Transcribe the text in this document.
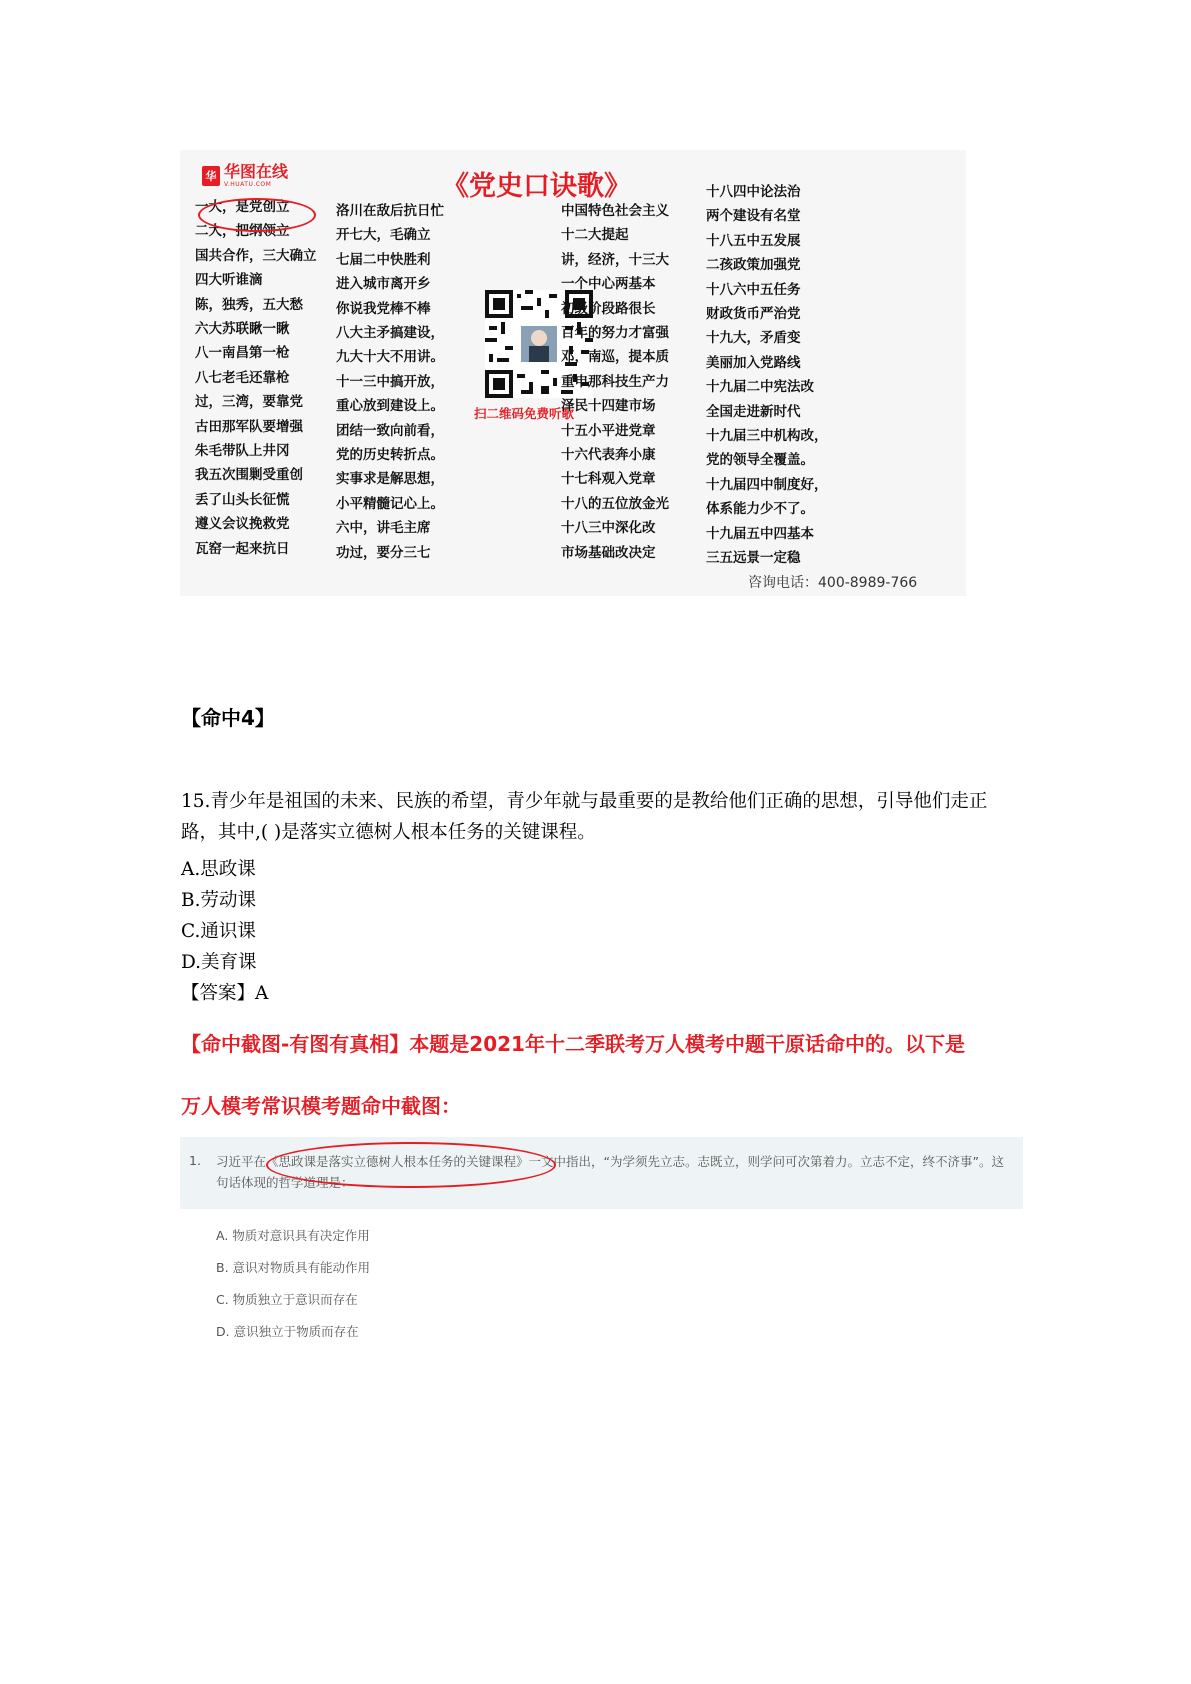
华 华图在线
V.HUATU.COM	《党史口诀歌》
一大，是党创立
二大，把纲领立
国共合作，三大确立
四大听谁滴
陈，独秀，五大愁
六大苏联瞅一瞅
八一南昌第一枪
八七老毛还靠枪
过，三湾，要靠党
古田那军队要增强
朱毛带队上井冈
我五次围剿受重创
丢了山头长征慌
遵义会议挽救党
瓦窑一起来抗日
洛川在敌后抗日忙
开七大，毛确立
七届二中快胜利
进入城市离开乡
你说我党棒不棒
八大主矛搞建设，
九大十大不用讲。
十一三中搞开放，
重心放到建设上。
团结一致向前看，
党的历史转折点。
实事求是解思想，
小平精髓记心上。
六中，讲毛主席
功过，要分三七
扫二维码免费听歌
中国特色社会主义
十二大提起
讲，经济，十三大
一个中心两基本
初级阶段路很长
百年的努力才富强
邓，南巡，提本质
重申那科技生产力
泽民十四建市场
十五小平进党章
十六代表奔小康
十七科观入党章
十八的五位放金光
十八三中深化改
市场基础改决定
十八四中论法治
两个建设有名堂
十八五中五发展
二孩政策加强党
十八六中五任务
财政货币严治党
十九大，矛盾变
美丽加入党路线
十九届二中宪法改
全国走进新时代
十九届三中机构改，
党的领导全覆盖。
十九届四中制度好，
体系能力少不了。
十九届五中四基本
三五远景一定稳
咨询电话：400-8989-766
【命中4】
15.青少年是祖国的未来、民族的希望，青少年就与最重要的是教给他们正确的思想，引导他们走正路，其中,( )是落实立德树人根本任务的关键课程。
A.思政课
B.劳动课
C.通识课
D.美育课
【答案】A
【命中截图-有图有真相】本题是2021年十二季联考万人模考中题干原话命中的。以下是
万人模考常识模考题命中截图：
1. 习近平在《思政课是落实立德树人根本任务的关键课程》一文中指出，“为学须先立志。志既立，则学问可次第着力。立志不定，终不济事”。这句话体现的哲学道理是：
A. 物质对意识具有决定作用
B. 意识对物质具有能动作用
C. 物质独立于意识而存在
D. 意识独立于物质而存在
